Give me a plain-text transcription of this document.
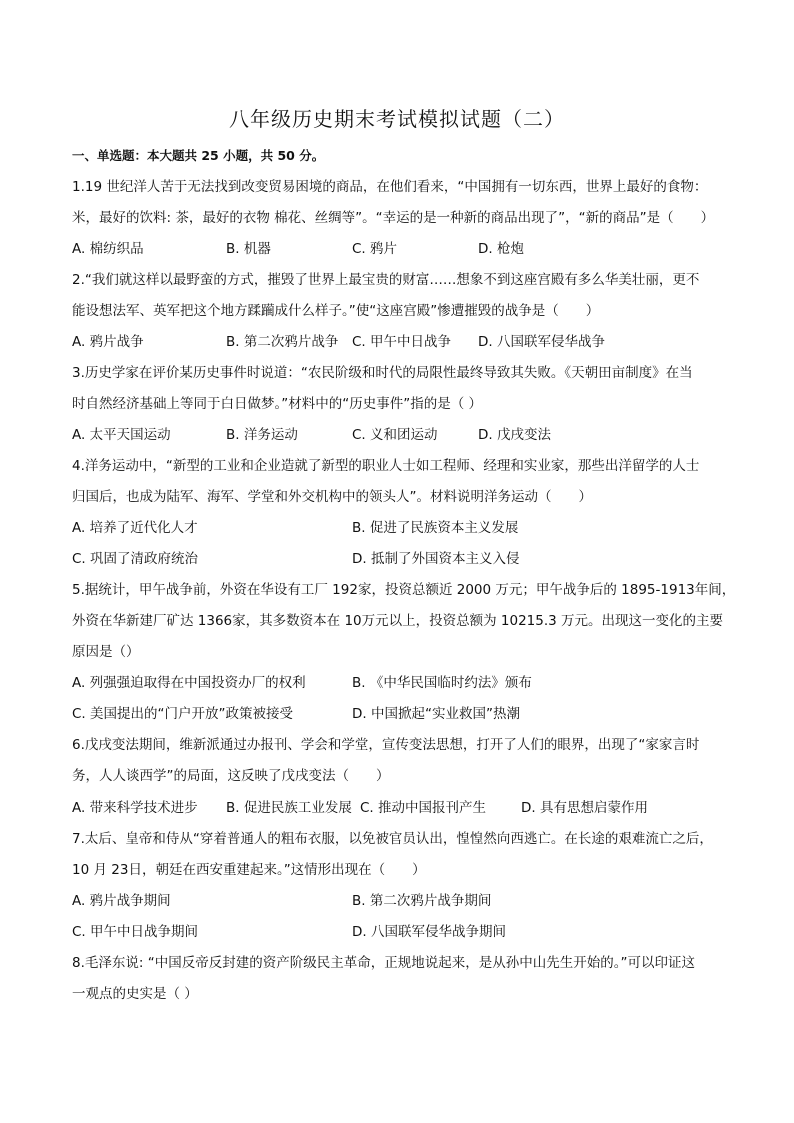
八年级历史期末考试模拟试题（二）
一、单选题：本大题共 25 小题，共 50 分。
1.19 世纪洋人苦于无法找到改变贸易困境的商品，在他们看来，“中国拥有一切东西，世界上最好的食物：
米，最好的饮料: 茶，最好的衣物 棉花、丝绸等”。“幸运的是一种新的商品出现了”，“新的商品”是（　　）
A. 棉纺织品	B. 机器	C. 鸦片	D. 枪炮
2.“我们就这样以最野蛮的方式，摧毁了世界上最宝贵的财富……想象不到这座宫殿有多么华美壮丽，更不
能设想法军、英军把这个地方蹂躏成什么样子。”使“这座宫殿”惨遭摧毁的战争是（　　）
A. 鸦片战争	B. 第二次鸦片战争 C. 甲午中日战争 D. 八国联军侵华战争
3.历史学家在评价某历史事件时说道：“农民阶级和时代的局限性最终导致其失败。《天朝田亩制度》在当
时自然经济基础上等同于白日做梦。”材料中的“历史事件”指的是（ ）
A. 太平天国运动	B. 洋务运动	C. 义和团运动	D. 戊戌变法
4.洋务运动中，“新型的工业和企业造就了新型的职业人士如工程师、经理和实业家，那些出洋留学的人士
归国后，也成为陆军、海军、学堂和外交机构中的领头人”。材料说明洋务运动（　　）
A. 培养了近代化人才	B. 促进了民族资本主义发展
C. 巩固了清政府统治	D. 抵制了外国资本主义入侵
5.据统计，甲午战争前，外资在华设有工厂 192家，投资总额近 2000 万元；甲午战争后的 1895-1913年间，
外资在华新建厂矿达 1366家，其多数资本在 10万元以上，投资总额为 10215.3 万元。出现这一变化的主要
原因是（）
A. 列强强迫取得在中国投资办厂的权利	B. 《中华民国临时约法》颁布
C. 美国提出的“门户开放”政策被接受	D. 中国掀起“实业救国”热潮
6.戊戌变法期间，维新派通过办报刊、学会和学堂，宣传变法思想，打开了人们的眼界，出现了“家家言时
务，人人谈西学”的局面，这反映了戊戌变法（　　）
A. 带来科学技术进步 B. 促进民族工业发展 C. 推动中国报刊产生	D. 具有思想启蒙作用
7.太后、皇帝和侍从“穿着普通人的粗布衣服，以免被官员认出，惶惶然向西逃亡。在长途的艰难流亡之后，
10 月 23日，朝廷在西安重建起来。”这情形出现在（　　）
A. 鸦片战争期间	B. 第二次鸦片战争期间
C. 甲午中日战争期间	D. 八国联军侵华战争期间
8.毛泽东说: “中国反帝反封建的资产阶级民主革命，正规地说起来，是从孙中山先生开始的。”可以印证这
一观点的史实是（ ）
